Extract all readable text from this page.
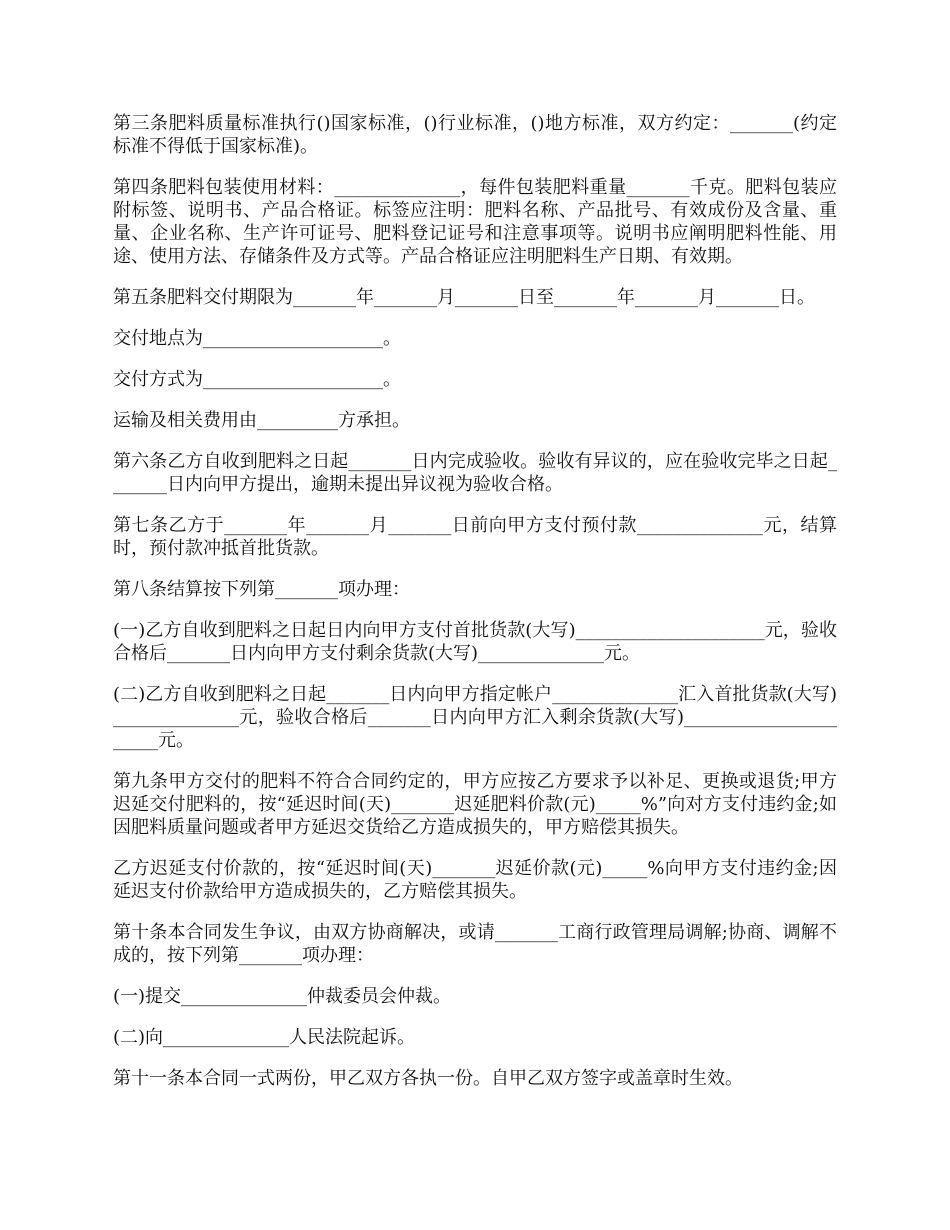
第三条肥料质量标准执行()国家标准，()行业标准，()地方标准，双方约定：_______(约定标准不得低于国家标准)。

第四条肥料包装使用材料：______________，每件包装肥料重量_______千克。肥料包装应附标签、说明书、产品合格证。标签应注明：肥料名称、产品批号、有效成份及含量、重量、企业名称、生产许可证号、肥料登记证号和注意事项等。说明书应阐明肥料性能、用途、使用方法、存储条件及方式等。产品合格证应注明肥料生产日期、有效期。

第五条肥料交付期限为_______年_______月_______日至_______年_______月_______日。

交付地点为____________________。

交付方式为____________________。

运输及相关费用由_________方承担。

第六条乙方自收到肥料之日起_______日内完成验收。验收有异议的，应在验收完毕之日起_______日内向甲方提出，逾期未提出异议视为验收合格。

第七条乙方于_______年_______月_______日前向甲方支付预付款______________元，结算时，预付款冲抵首批货款。

第八条结算按下列第_______项办理：

(一)乙方自收到肥料之日起日内向甲方支付首批货款(大写)_____________________元，验收合格后_______日内向甲方支付剩余货款(大写)______________元。

(二)乙方自收到肥料之日起_______日内向甲方指定帐户______________汇入首批货款(大写)______________元，验收合格后_______日内向甲方汇入剩余货款(大写)______________________元。

第九条甲方交付的肥料不符合合同约定的，甲方应按乙方要求予以补足、更换或退货;甲方迟延交付肥料的，按“延迟时间(天)_______迟延肥料价款(元)_____%”向对方支付违约金;如因肥料质量问题或者甲方延迟交货给乙方造成损失的，甲方赔偿其损失。

乙方迟延支付价款的，按“延迟时间(天)_______迟延价款(元)_____%向甲方支付违约金;因延迟支付价款给甲方造成损失的，乙方赔偿其损失。

第十条本合同发生争议，由双方协商解决，或请_______工商行政管理局调解;协商、调解不成的，按下列第_______项办理：

(一)提交______________仲裁委员会仲裁。

(二)向______________人民法院起诉。

第十一条本合同一式两份，甲乙双方各执一份。自甲乙双方签字或盖章时生效。
